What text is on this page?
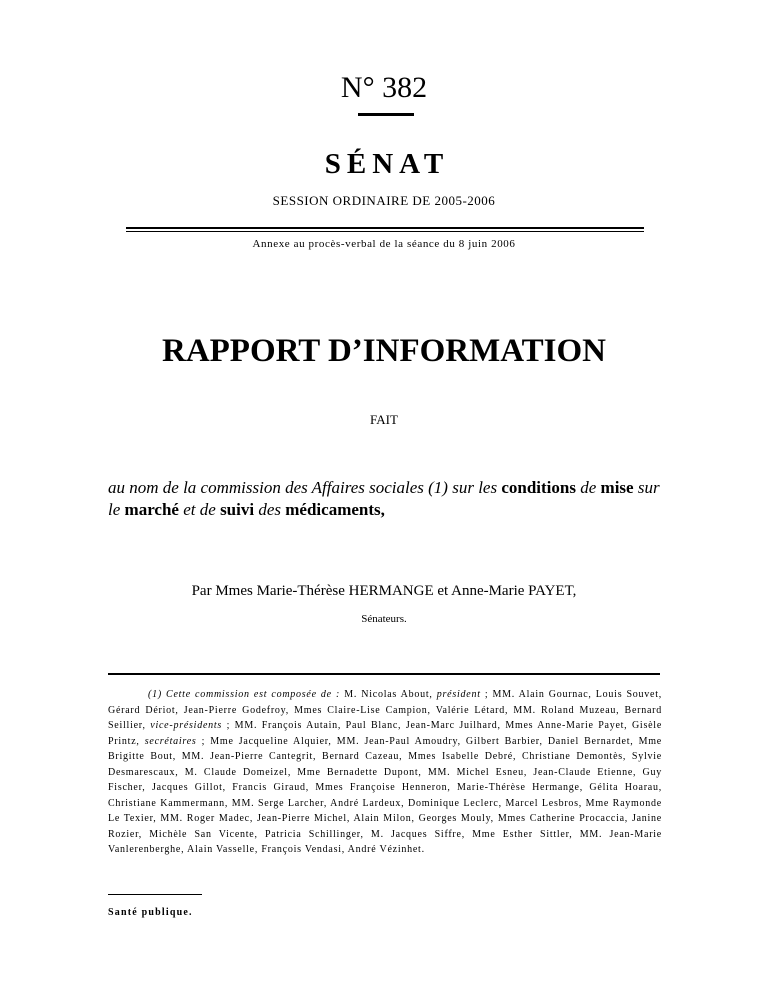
N° 382
SÉNAT
SESSION ORDINAIRE DE 2005-2006
Annexe au procès-verbal de la séance du 8 juin 2006
RAPPORT D’INFORMATION
FAIT
au nom de la commission des Affaires sociales (1) sur les conditions de mise sur le marché et de suivi des médicaments,
Par Mmes Marie-Thérèse HERMANGE et Anne-Marie PAYET,
Sénateurs.
(1) Cette commission est composée de : M. Nicolas About, président ; MM. Alain Gournac, Louis Souvet, Gérard Dériot, Jean-Pierre Godefroy, Mmes Claire-Lise Campion, Valérie Létard, MM. Roland Muzeau, Bernard Seillier, vice-présidents ; MM. François Autain, Paul Blanc, Jean-Marc Juilhard, Mmes Anne-Marie Payet, Gisèle Printz, secrétaires ; Mme Jacqueline Alquier, MM. Jean-Paul Amoudry, Gilbert Barbier, Daniel Bernardet, Mme Brigitte Bout, MM. Jean-Pierre Cantegrit, Bernard Cazeau, Mmes Isabelle Debré, Christiane Demontès, Sylvie Desmarescaux, M. Claude Domeizel, Mme Bernadette Dupont, MM. Michel Esneu, Jean-Claude Etienne, Guy Fischer, Jacques Gillot, Francis Giraud, Mmes Françoise Henneron, Marie-Thérèse Hermange, Gélita Hoarau, Christiane Kammermann, MM. Serge Larcher, André Lardeux, Dominique Leclerc, Marcel Lesbros, Mme Raymonde Le Texier, MM. Roger Madec, Jean-Pierre Michel, Alain Milon, Georges Mouly, Mmes Catherine Procaccia, Janine Rozier, Michèle San Vicente, Patricia Schillinger, M. Jacques Siffre, Mme Esther Sittler, MM. Jean-Marie Vanlerenberghe, Alain Vasselle, François Vendasi, André Vézinhet.
Santé publique.
